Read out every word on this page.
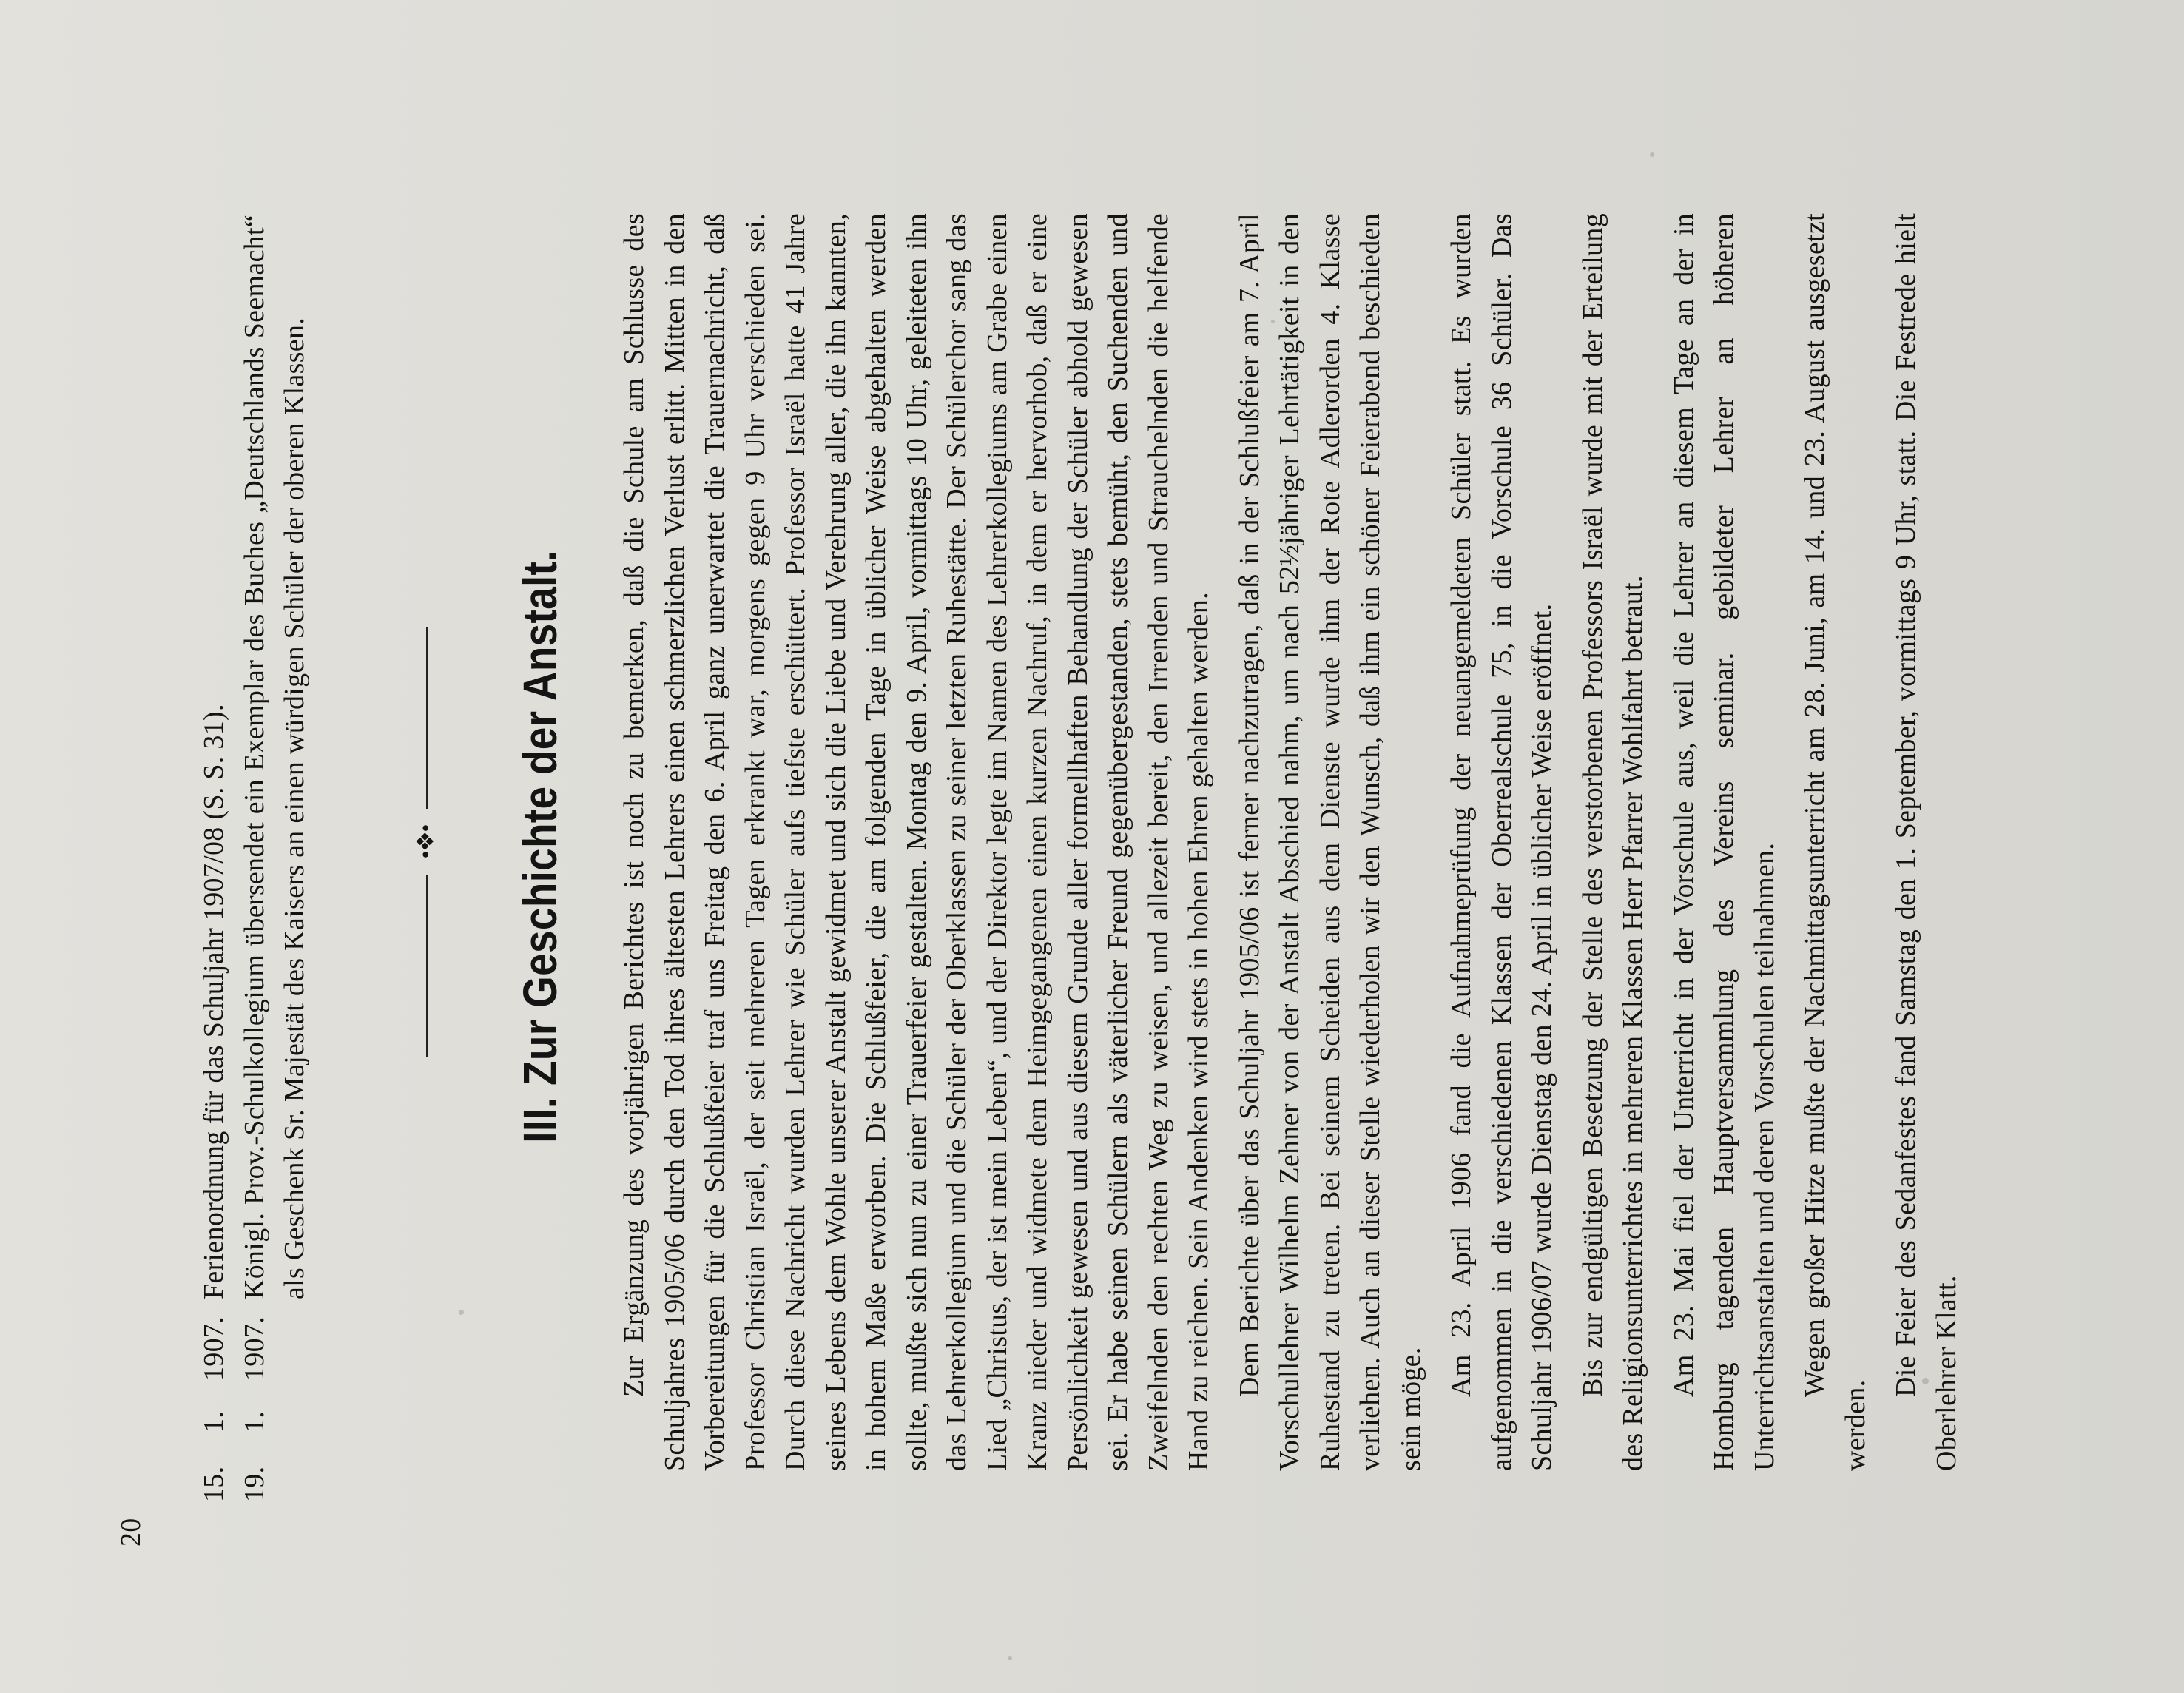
20
15.
1.
1907.
Ferienordnung für das Schuljahr 1907/08 (S. S. 31).
19.
1.
1907.
Königl. Prov.-Schulkollegium übersendet ein Exemplar des Buches „Deutschlands Seemacht“ als Geschenk Sr. Majestät des Kaisers an einen würdigen Schüler der oberen Klassen.	•❖• III. Zur Geschichte der Anstalt. Zur Ergänzung des vorjährigen Berichtes ist noch zu bemerken, daß die Schule am Schlusse des Schuljahres 1905/06 durch den Tod ihres ältesten Lehrers einen schmerzlichen Verlust erlitt. Mitten in den Vorbereitungen für die Schlußfeier traf uns Freitag den 6. April ganz unerwartet die Trauernachricht, daß Professor Christian Israël, der seit mehreren Tagen erkrankt war, morgens gegen 9 Uhr verschieden sei. Durch diese Nachricht wurden Lehrer wie Schüler aufs tiefste erschüttert. Professor Israël hatte 41 Jahre seines Lebens dem Wohle unserer Anstalt gewidmet und sich die Liebe und Verehrung aller, die ihn kannten, in hohem Maße erworben. Die Schlußfeier, die am folgenden Tage in üblicher Weise abgehalten werden sollte, mußte sich nun zu einer Trauerfeier gestalten. Montag den 9. April, vormittags 10 Uhr, geleiteten ihn das Lehrerkollegium und die Schüler der Oberklassen zu seiner letzten Ruhestätte. Der Schülerchor sang das Lied „Christus, der ist mein Leben“, und der Direktor legte im Namen des Lehrerkollegiums am Grabe einen Kranz nieder und widmete dem Heimgegangenen einen kurzen Nachruf, in dem er hervorhob, daß er eine Persönlichkeit gewesen und aus diesem Grunde aller formellhaften Behandlung der Schüler abhold gewesen sei. Er habe seinen Schülern als väterlicher Freund gegenübergestanden, stets bemüht, den Suchenden und Zweifelnden den rechten Weg zu weisen, und allezeit bereit, den Irrenden und Strauchelnden die helfende Hand zu reichen. Sein Andenken wird stets in hohen Ehren gehalten werden. Dem Berichte über das Schuljahr 1905/06 ist ferner nachzutragen, daß in der Schlußfeier am 7. April Vorschullehrer Wilhelm Zehner von der Anstalt Abschied nahm, um nach 52½jähriger Lehrtätigkeit in den Ruhestand zu treten. Bei seinem Scheiden aus dem Dienste wurde ihm der Rote Adlerorden 4. Klasse verliehen. Auch an dieser Stelle wiederholen wir den Wunsch, daß ihm ein schöner Feierabend beschieden sein möge.

Am 23. April 1906 fand die Aufnahmeprüfung der neuangemeldeten Schüler statt. Es wurden aufgenommen in die verschiedenen Klassen der Oberrealschule 75, in die Vorschule 36 Schüler. Das Schuljahr 1906/07 wurde Dienstag den 24. April in üblicher Weise eröffnet. Bis zur endgültigen Besetzung der Stelle des verstorbenen Professors Israël wurde mit der Erteilung des Religionsunterrichtes in mehreren Klassen Herr Pfarrer Wohlfahrt betraut. Am 23. Mai fiel der Unterricht in der Vorschule aus, weil die Lehrer an diesem Tage an der in Homburg tagenden Hauptversammlung des Vereins seminar. gebildeter Lehrer an höheren Unterrichtsanstalten und deren Vorschulen teilnahmen. Wegen großer Hitze mußte der Nachmittagsunterricht am 28. Juni, am 14. und 23. August ausgesetzt werden.

Die Feier des Sedanfestes fand Samstag den 1. September, vormittags 9 Uhr, statt. Die Festrede hielt Oberlehrer Klatt.
